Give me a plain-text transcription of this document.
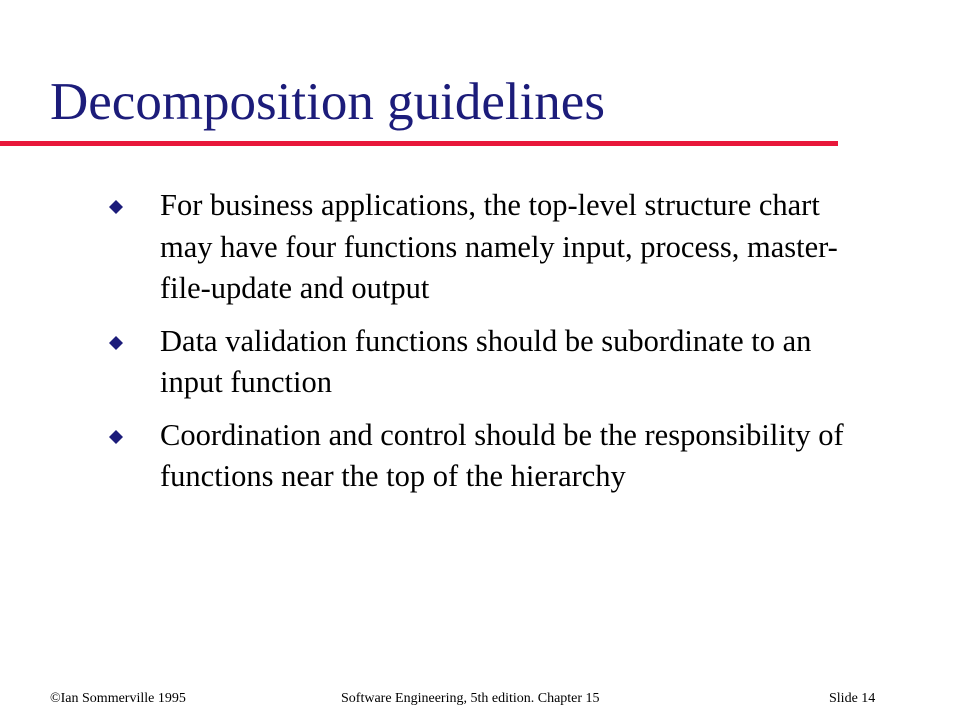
Decomposition guidelines
For business applications, the top-level structure chart may have four functions namely input, process, master-file-update and output
Data validation functions should be subordinate to an input function
Coordination and control should be the responsibility of functions near the top of the hierarchy
©Ian Sommerville 1995	Software Engineering, 5th edition. Chapter 15	Slide 14
